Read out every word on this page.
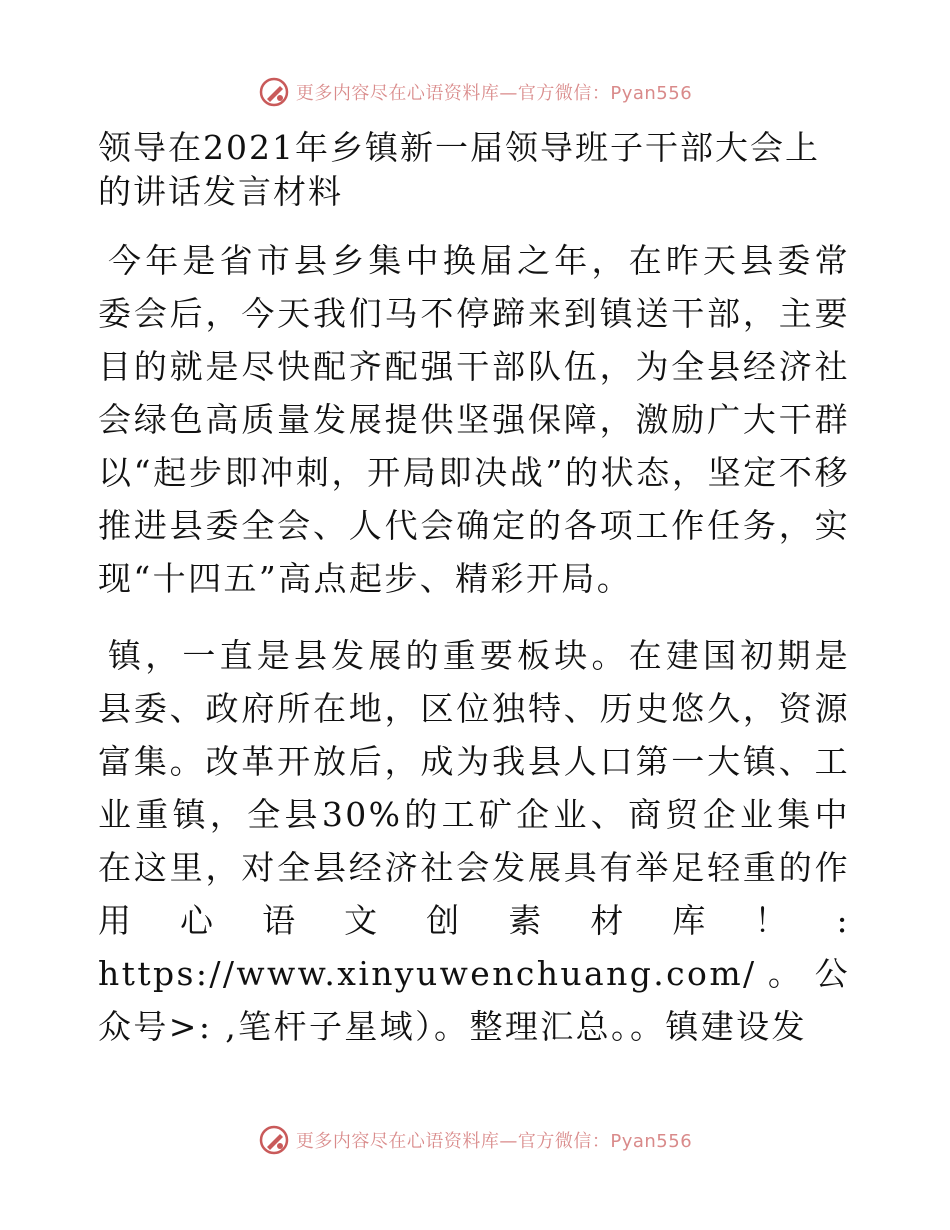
更多内容尽在心语资料库—官方微信：Pyan556
领导在2021年乡镇新一届领导班子干部大会上的讲话发言材料

今年是省市县乡集中换届之年，在昨天县委常委会后，今天我们马不停蹄来到镇送干部，主要目的就是尽快配齐配强干部队伍，为全县经济社会绿色高质量发展提供坚强保障，激励广大干群以“起步即冲刺，开局即决战”的状态，坚定不移推进县委全会、人代会确定的各项工作任务，实现“十四五”高点起步、精彩开局。

镇，一直是县发展的重要板块。在建国初期是县委、政府所在地，区位独特、历史悠久，资源富集。改革开放后，成为我县人口第一大镇、工业重镇，全县30%的工矿企业、商贸企业集中在这里，对全县经济社会发展具有举足轻重的作用心语文创素材库！: https://www.xinyuwenchuang.com/。公众号>: ,笔杆子星域）。整理汇总。。镇建设发

更多内容尽在心语资料库—官方微信：Pyan556
